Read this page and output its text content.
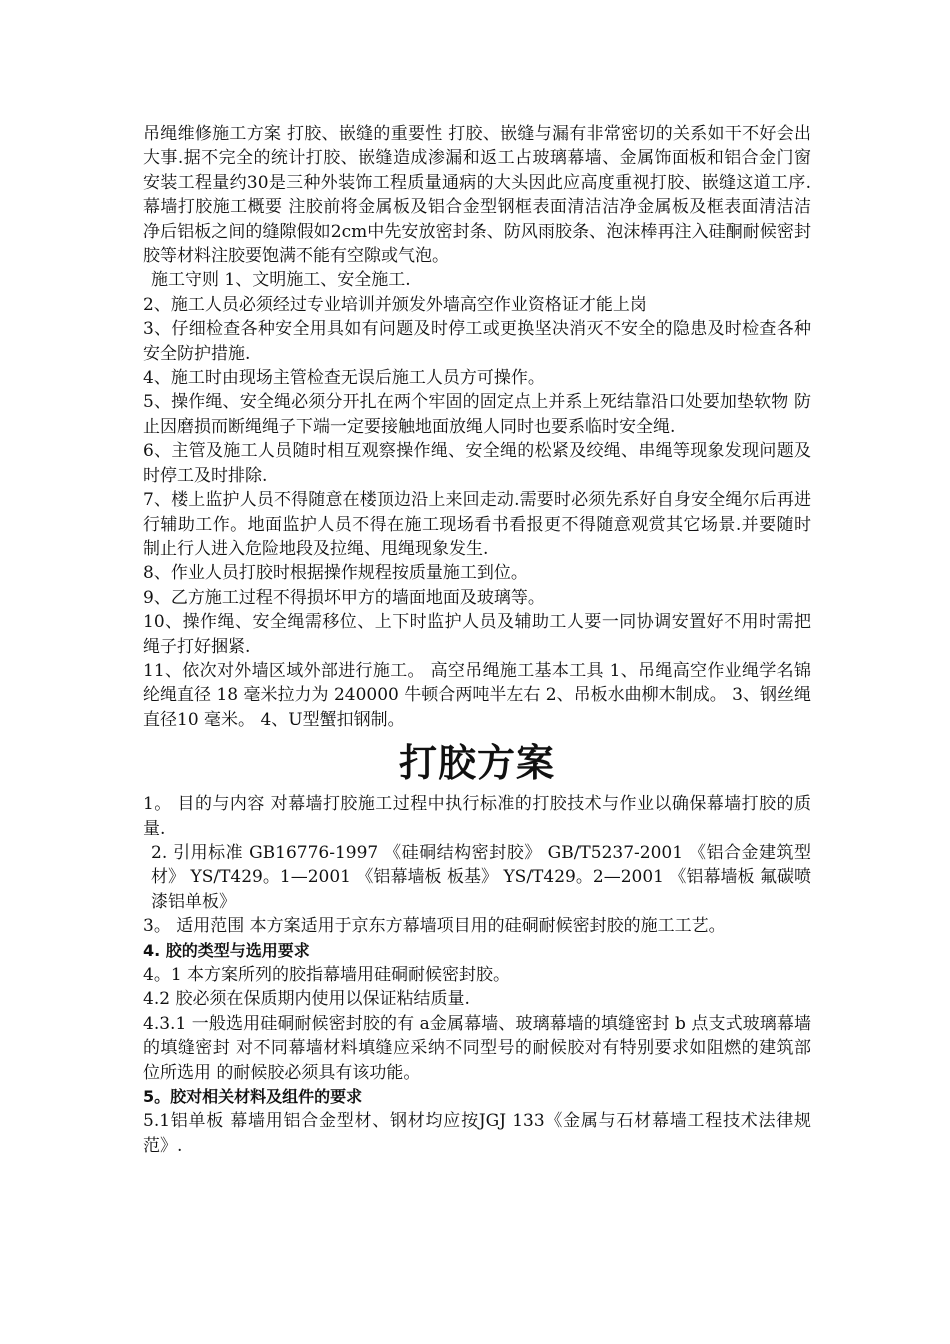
吊绳维修施工方案 打胶、嵌缝的重要性 打胶、嵌缝与漏有非常密切的关系如干不好会出大事.据不完全的统计打胶、嵌缝造成渗漏和返工占玻璃幕墙、金属饰面板和铝合金门窗安装工程量约30是三种外装饰工程质量通病的大头因此应高度重视打胶、嵌缝这道工序. 幕墙打胶施工概要 注胶前将金属板及铝合金型钢框表面清洁洁净金属板及框表面清洁洁净后铝板之间的缝隙假如2cm中先安放密封条、防风雨胶条、泡沫棒再注入硅酮耐候密封胶等材料注胶要饱满不能有空隙或气泡。

施工守则 1、文明施工、安全施工.

2、施工人员必须经过专业培训并颁发外墙高空作业资格证才能上岗

3、仔细检查各种安全用具如有问题及时停工或更换坚决消灭不安全的隐患及时检查各种安全防护措施.

4、施工时由现场主管检查无误后施工人员方可操作。

5、操作绳、安全绳必须分开扎在两个牢固的固定点上并系上死结靠沿口处要加垫软物 防止因磨损而断绳绳子下端一定要接触地面放绳人同时也要系临时安全绳.

6、主管及施工人员随时相互观察操作绳、安全绳的松紧及绞绳、串绳等现象发现问题及时停工及时排除.

7、楼上监护人员不得随意在楼顶边沿上来回走动.需要时必须先系好自身安全绳尔后再进行辅助工作。地面监护人员不得在施工现场看书看报更不得随意观赏其它场景.并要随时制止行人进入危险地段及拉绳、甩绳现象发生.

8、作业人员打胶时根据操作规程按质量施工到位。

9、乙方施工过程不得损坏甲方的墙面地面及玻璃等。

10、操作绳、安全绳需移位、上下时监护人员及辅助工人要一同协调安置好不用时需把 绳子打好捆紧.

11、依次对外墙区域外部进行施工。 高空吊绳施工基本工具 1、吊绳高空作业绳学名锦纶绳直径 18 毫米拉力为 240000 牛顿合两吨半左右 2、吊板水曲柳木制成。 3、钢丝绳直径10 毫米。 4、U型蟹扣钢制。

打胶方案

1。 目的与内容 对幕墙打胶施工过程中执行标准的打胶技术与作业以确保幕墙打胶的质量.

2. 引用标准 GB16776-1997 《硅硐结构密封胶》 GB/T5237-2001 《铝合金建筑型材》 YS/T429。1—2001 《铝幕墙板 板基》 YS/T429。2—2001 《铝幕墙板 氟碳喷漆铝单板》

3。 适用范围 本方案适用于京东方幕墙项目用的硅硐耐候密封胶的施工工艺。

4. 胶的类型与选用要求

4。1 本方案所列的胶指幕墙用硅硐耐候密封胶。

4.2 胶必须在保质期内使用以保证粘结质量.

4.3.1 一般选用硅硐耐候密封胶的有 a金属幕墙、玻璃幕墙的填缝密封 b 点支式玻璃幕墙的填缝密封 对不同幕墙材料填缝应采纳不同型号的耐候胶对有特别要求如阻燃的建筑部位所选用 的耐候胶必须具有该功能。

5。胶对相关材料及组件的要求

5.1铝单板 幕墙用铝合金型材、钢材均应按JGJ 133《金属与石材幕墙工程技术法律规范》.
